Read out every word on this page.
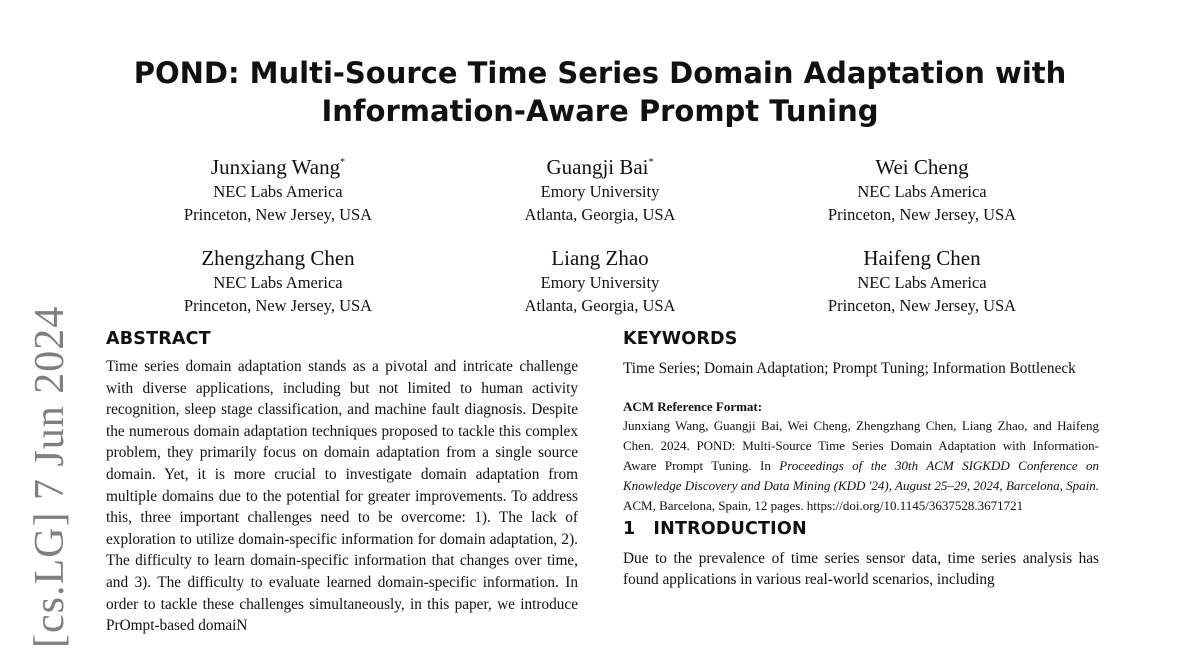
[cs.LG] 7 Jun 2024
POND: Multi-Source Time Series Domain Adaptation with
Information-Aware Prompt Tuning
Junxiang Wang*
NEC Labs America
Princeton, New Jersey, USA
Guangji Bai*
Emory University
Atlanta, Georgia, USA
Wei Cheng
NEC Labs America
Princeton, New Jersey, USA
Zhengzhang Chen
NEC Labs America
Princeton, New Jersey, USA
Liang Zhao
Emory University
Atlanta, Georgia, USA
Haifeng Chen
NEC Labs America
Princeton, New Jersey, USA
ABSTRACT

Time series domain adaptation stands as a pivotal and intricate challenge with diverse applications, including but not limited to human activity recognition, sleep stage classification, and machine fault diagnosis. Despite the numerous domain adaptation techniques proposed to tackle this complex problem, they primarily focus on domain adaptation from a single source domain. Yet, it is more crucial to investigate domain adaptation from multiple domains due to the potential for greater improvements. To address this, three important challenges need to be overcome: 1). The lack of exploration to utilize domain-specific information for domain adaptation, 2). The difficulty to learn domain-specific information that changes over time, and 3). The difficulty to evaluate learned domain-specific information. In order to tackle these challenges simultaneously, in this paper, we introduce PrOmpt-based domaiN

KEYWORDS

Time Series; Domain Adaptation; Prompt Tuning; Information Bottleneck

ACM Reference Format:

Junxiang Wang, Guangji Bai, Wei Cheng, Zhengzhang Chen, Liang Zhao, and Haifeng Chen. 2024. POND: Multi-Source Time Series Domain Adaptation with Information-Aware Prompt Tuning. In Proceedings of the 30th ACM SIGKDD Conference on Knowledge Discovery and Data Mining (KDD '24), August 25–29, 2024, Barcelona, Spain. ACM, Barcelona, Spain, 12 pages. https://doi.org/10.1145/3637528.3671721

1 INTRODUCTION

Due to the prevalence of time series sensor data, time series analysis has found applications in various real-world scenarios, including
